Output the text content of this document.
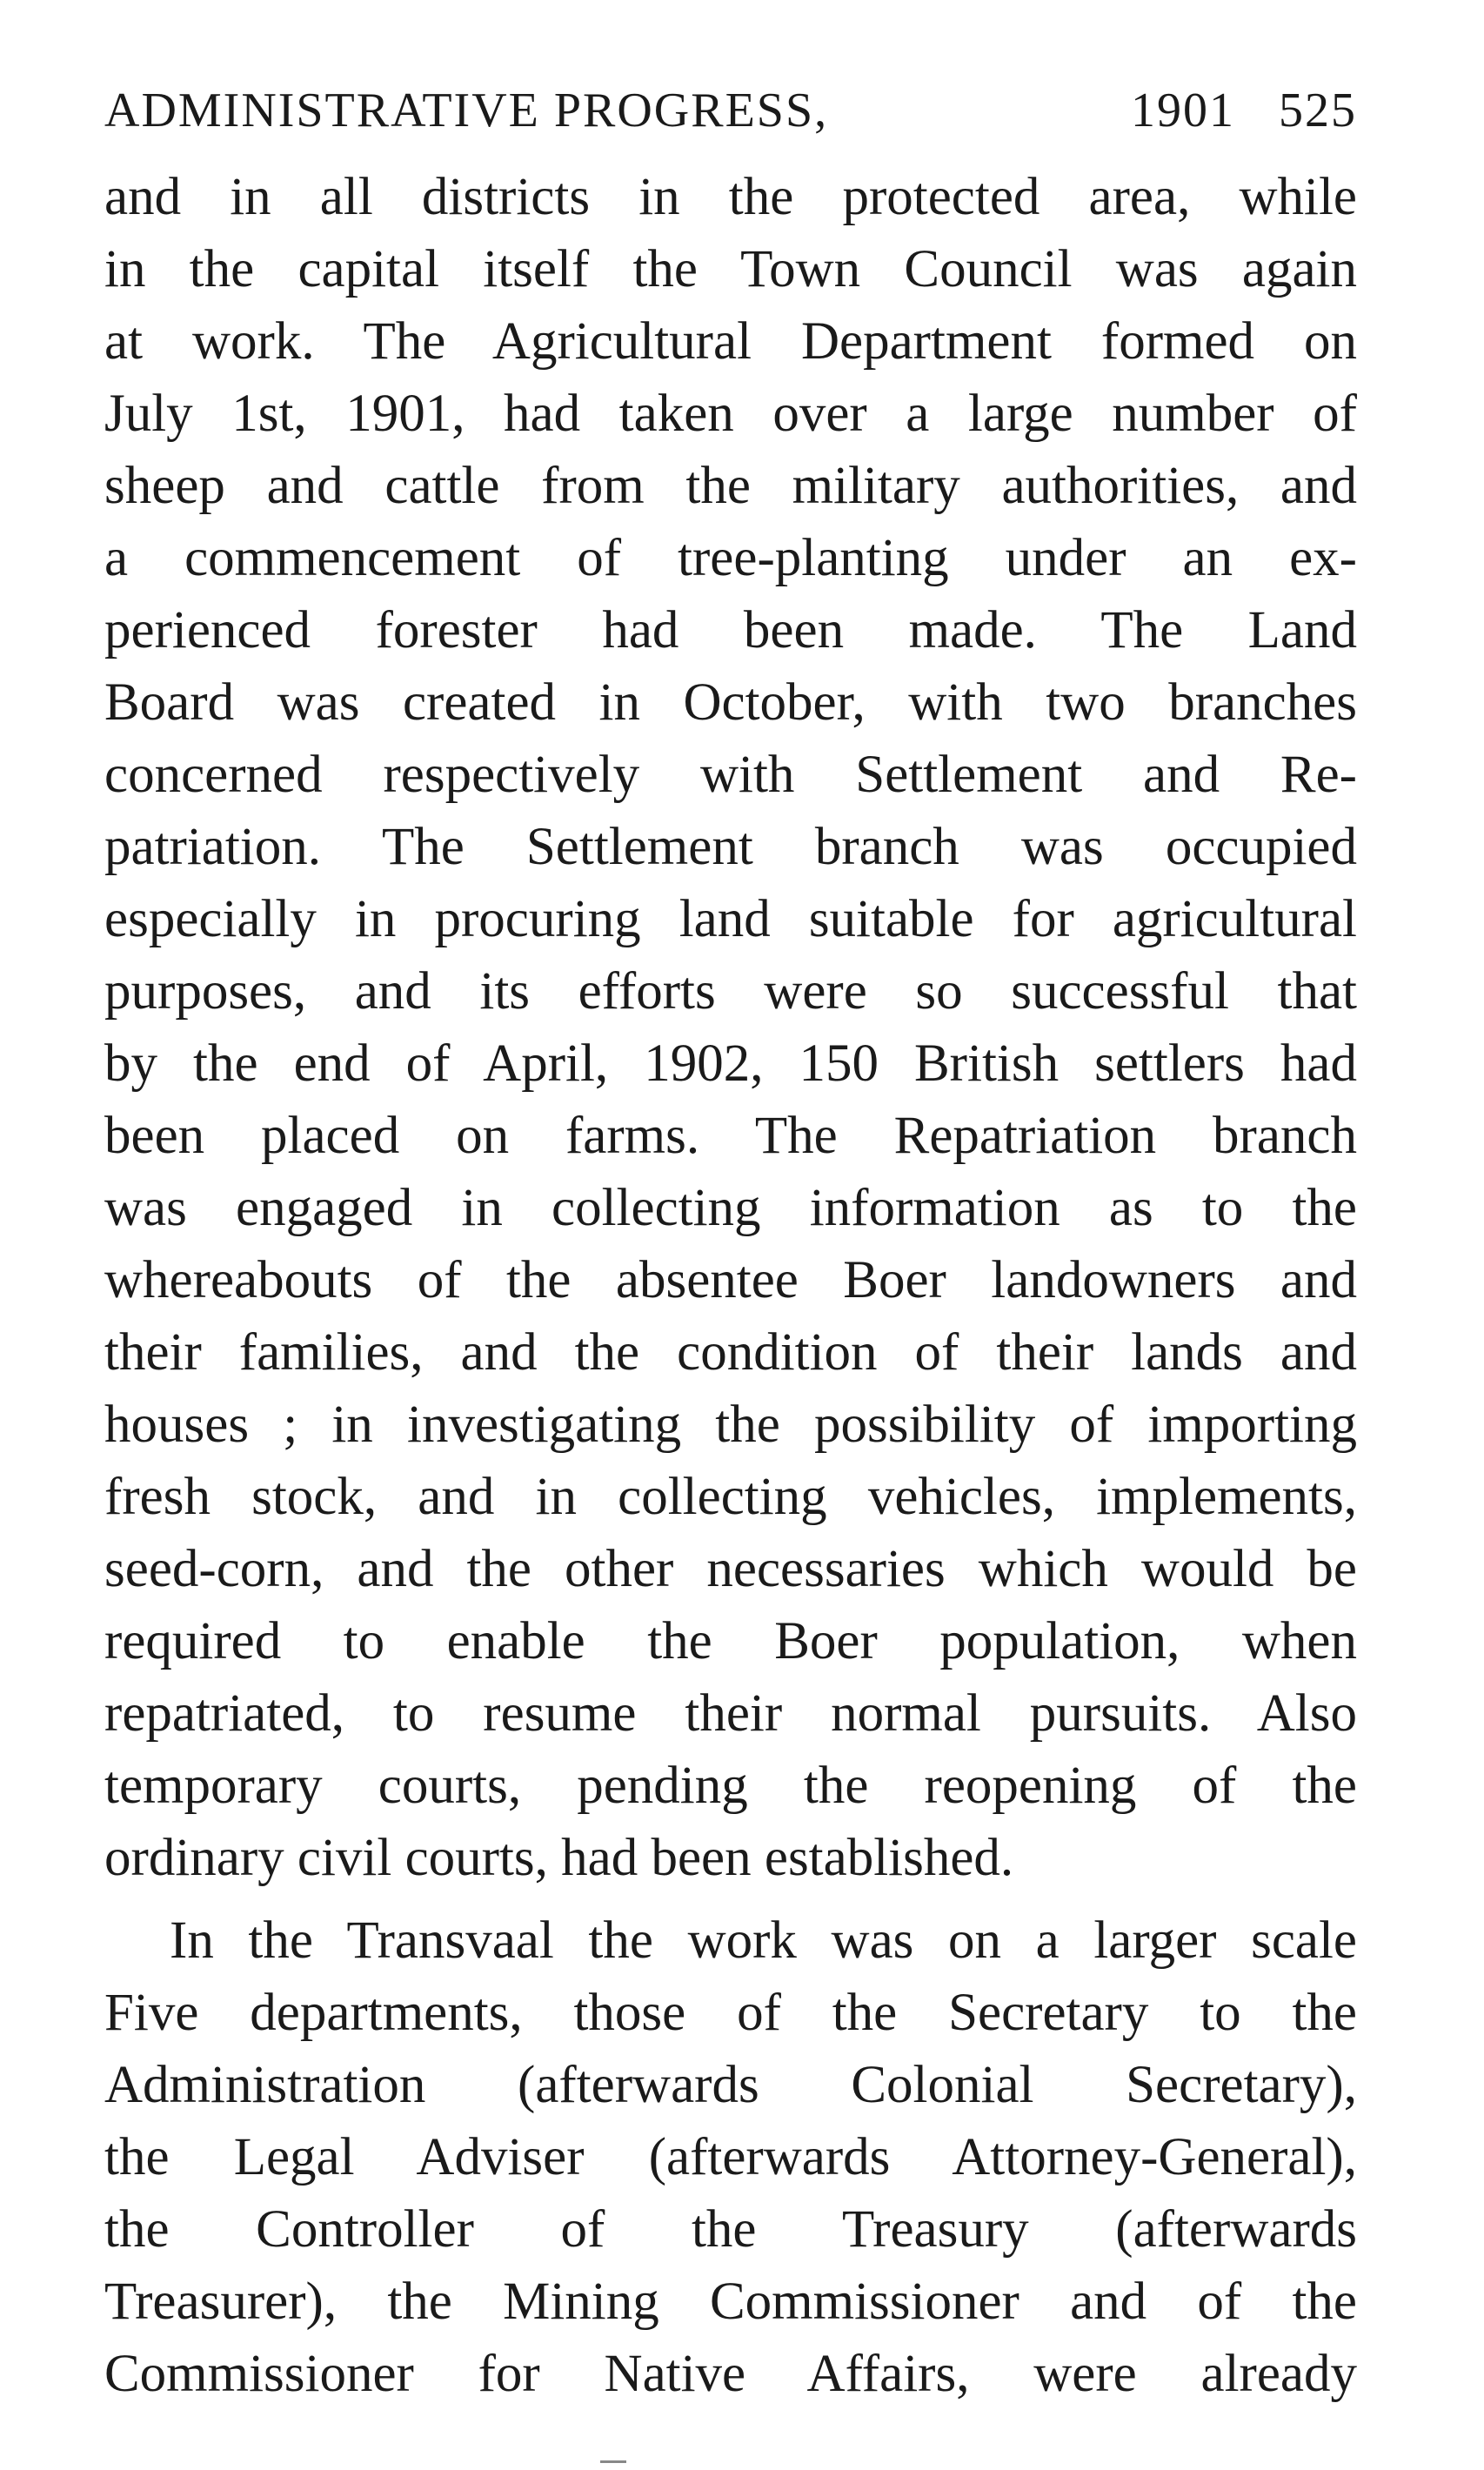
ADMINISTRATIVE PROGRESS,	1901 525
and in all districts in the protected area, while
in the capital itself the Town Council was again
at work. The Agricultural Department formed on
July 1st, 1901, had taken over a large number of
sheep and cattle from the military authorities, and
a commencement of tree-planting under an ex-
perienced forester had been made. The Land
Board was created in October, with two branches
concerned respectively with Settlement and Re-
patriation. The Settlement branch was occupied
especially in procuring land suitable for agricultural
purposes, and its efforts were so successful that
by the end of April, 1902, 150 British settlers had
been placed on farms. The Repatriation branch
was engaged in collecting information as to the
whereabouts of the absentee Boer landowners and
their families, and the condition of their lands and
houses ; in investigating the possibility of importing
fresh stock, and in collecting vehicles, implements,
seed-corn, and the other necessaries which would be
required to enable the Boer population, when
repatriated, to resume their normal pursuits. Also
temporary courts, pending the reopening of the
ordinary civil courts, had been established.
In the Transvaal the work was on a larger scale
Five departments, those of the Secretary to the
Administration (afterwards Colonial Secretary),
the Legal Adviser (afterwards Attorney-General),
the Controller of the Treasury (afterwards
Treasurer), the Mining Commissioner and of the
Commissioner for Native Affairs, were already
